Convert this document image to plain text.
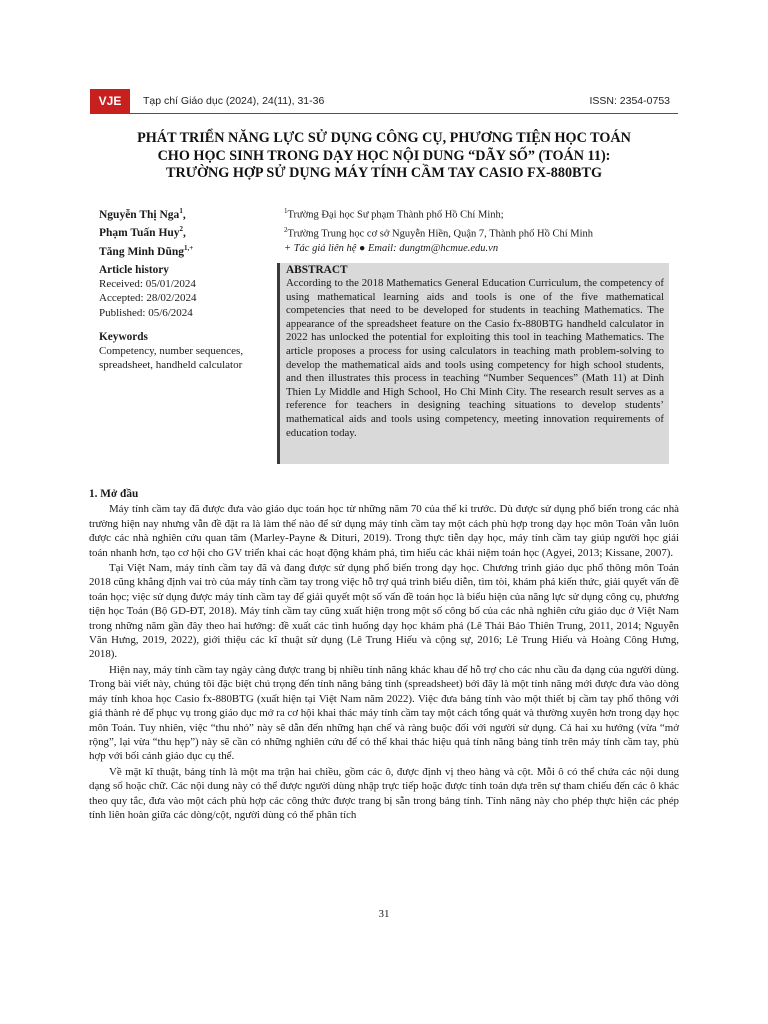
VJE	Tạp chí Giáo dục (2024), 24(11), 31-36	ISSN: 2354-0753
PHÁT TRIỂN NĂNG LỰC SỬ DỤNG CÔNG CỤ, PHƯƠNG TIỆN HỌC TOÁN
CHO HỌC SINH TRONG DẠY HỌC NỘI DUNG “DÃY SỐ” (TOÁN 11):
TRƯỜNG HỢP SỬ DỤNG MÁY TÍNH CẦM TAY CASIO FX-880BTG
Nguyễn Thị Nga$^1$,
Phạm Tuấn Huy$^2$,
Tăng Minh Dũng$^{1,+}$
$^1$Trường Đại học Sư phạm Thành phố Hồ Chí Minh;
$^2$Trường Trung học cơ sở Nguyễn Hiền, Quận 7, Thành phố Hồ Chí Minh
+ Tác giả liên hệ ● Email: dungtm@hcmue.edu.vn
Article history
Received: 05/01/2024
Accepted: 28/02/2024
Published: 05/6/2024
Keywords
Competency, number sequences, spreadsheet, handheld calculator
ABSTRACT

According to the 2018 Mathematics General Education Curriculum, the competency of using mathematical learning aids and tools is one of the five mathematical competencies that need to be developed for students in teaching Mathematics. The appearance of the spreadsheet feature on the Casio fx-880BTG handheld calculator in 2022 has unlocked the potential for exploiting this tool in teaching Mathematics. The article proposes a process for using calculators in teaching math problem-solving to develop the mathematical aids and tools using competency for high school students, and then illustrates this process in teaching “Number Sequences” (Math 11) at Dinh Thien Ly Middle and High School, Ho Chi Minh City. The research result serves as a reference for teachers in designing teaching situations to develop students’ mathematical aids and tools using competency, meeting innovation requirements of education today.

1. Mở đầu

Máy tính cầm tay đã được đưa vào giáo dục toán học từ những năm 70 của thế kỉ trước. Dù được sử dụng phổ biến trong các nhà trường hiện nay nhưng vẫn đề đặt ra là làm thế nào để sử dụng máy tính cầm tay một cách phù hợp trong dạy học môn Toán vẫn luôn được các nhà nghiên cứu quan tâm (Marley-Payne & Dituri, 2019). Trong thực tiễn dạy học, máy tính cầm tay giúp người học giải toán nhanh hơn, tạo cơ hội cho GV triển khai các hoạt động khám phá, tìm hiểu các khái niệm toán học (Agyei, 2013; Kissane, 2007).

Tại Việt Nam, máy tính cầm tay đã và đang được sử dụng phổ biến trong dạy học. Chương trình giáo dục phổ thông môn Toán 2018 cũng khẳng định vai trò của máy tính cầm tay trong việc hỗ trợ quá trình biểu diễn, tìm tòi, khám phá kiến thức, giải quyết vấn đề toán học; việc sử dụng được máy tính cầm tay để giải quyết một số vấn đề toán học là biểu hiện của năng lực sử dụng công cụ, phương tiện học Toán (Bộ GD-ĐT, 2018). Máy tính cầm tay cũng xuất hiện trong một số công bố của các nhà nghiên cứu giáo dục ở Việt Nam trong những năm gần đây theo hai hướng: đề xuất các tình huống dạy học khám phá (Lê Thái Bảo Thiên Trung, 2011, 2014; Nguyễn Văn Hưng, 2019, 2022), giới thiệu các kĩ thuật sử dụng (Lê Trung Hiếu và cộng sự, 2016; Lê Trung Hiếu và Hoàng Công Hưng, 2018).

Hiện nay, máy tính cầm tay ngày càng được trang bị nhiều tính năng khác khau để hỗ trợ cho các nhu cầu đa dạng của người dùng. Trong bài viết này, chúng tôi đặc biệt chú trọng đến tính năng bảng tính (spreadsheet) bởi đây là một tính năng mới được đưa vào dòng máy tính khoa học Casio fx-880BTG (xuất hiện tại Việt Nam năm 2022). Việc đưa bảng tính vào một thiết bị cầm tay phổ thông với giá thành rẻ để phục vụ trong giáo dục mở ra cơ hội khai thác máy tính cầm tay một cách tổng quát và thường xuyên hơn trong dạy học môn Toán. Tuy nhiên, việc “thu nhỏ” này sẽ dẫn đến những hạn chế và ràng buộc đối với người sử dụng. Cả hai xu hướng (vừa “mở rộng”, lại vừa “thu hẹp”) này sẽ cần có những nghiên cứu để có thể khai thác hiệu quả tính năng bảng tính trên máy tính cầm tay, phù hợp với bối cảnh giáo dục cụ thể.

Về mặt kĩ thuật, bảng tính là một ma trận hai chiều, gồm các ô, được định vị theo hàng và cột. Mỗi ô có thể chứa các nội dung dạng số hoặc chữ. Các nội dung này có thể được người dùng nhập trực tiếp hoặc được tính toán dựa trên sự tham chiếu đến các ô khác theo quy tắc, đưa vào một cách phù hợp các công thức được trang bị sẵn trong bảng tính. Tính năng này cho phép thực hiện các phép tính liên hoàn giữa các dòng/cột, người dùng có thể phân tích

31
